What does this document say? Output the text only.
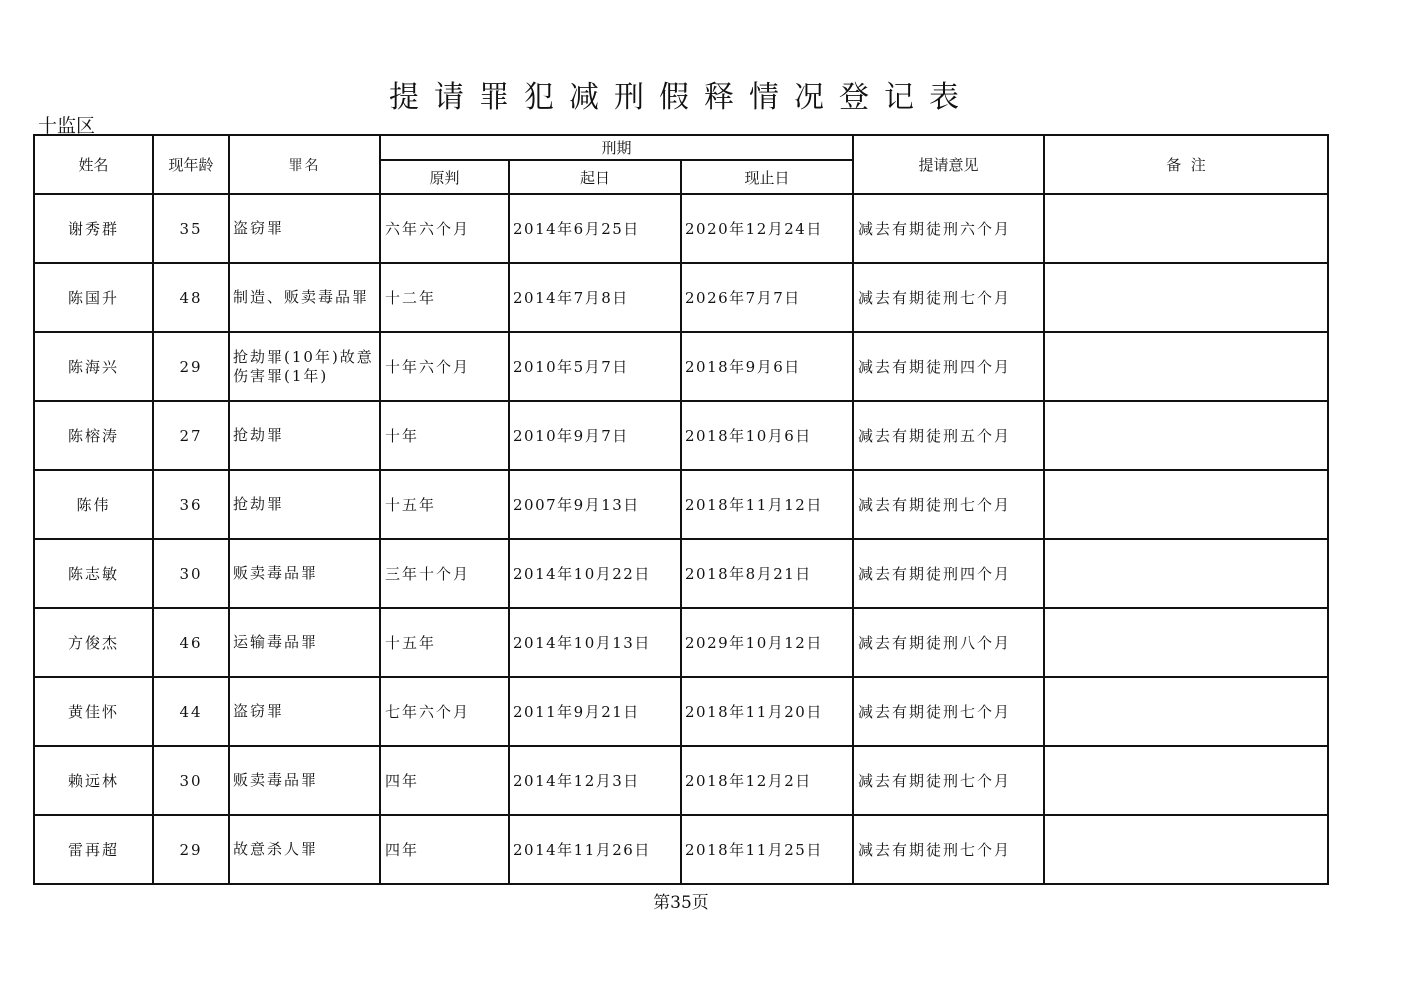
提请罪犯减刑假释情况登记表
十监区
姓名	现年龄	罪名	刑期			提请意见	备  注
			原判	起日	现止日		
谢秀群	35	盗窃罪	六年六个月	2014年6月25日	2020年12月24日	减去有期徒刑六个月	
陈国升	48	制造、贩卖毒品罪	十二年	2014年7月8日	2026年7月7日	减去有期徒刑七个月	
陈海兴	29	抢劫罪(10年)故意伤害罪(1年)	十年六个月	2010年5月7日	2018年9月6日	减去有期徒刑四个月	
陈榕涛	27	抢劫罪	十年	2010年9月7日	2018年10月6日	减去有期徒刑五个月	
陈伟	36	抢劫罪	十五年	2007年9月13日	2018年11月12日	减去有期徒刑七个月	
陈志敏	30	贩卖毒品罪	三年十个月	2014年10月22日	2018年8月21日	减去有期徒刑四个月	
方俊杰	46	运输毒品罪	十五年	2014年10月13日	2029年10月12日	减去有期徒刑八个月	
黄佳怀	44	盗窃罪	七年六个月	2011年9月21日	2018年11月20日	减去有期徒刑七个月	
赖远林	30	贩卖毒品罪	四年	2014年12月3日	2018年12月2日	减去有期徒刑七个月	
雷再超	29	故意杀人罪	四年	2014年11月26日	2018年11月25日	减去有期徒刑七个月	
第35页
